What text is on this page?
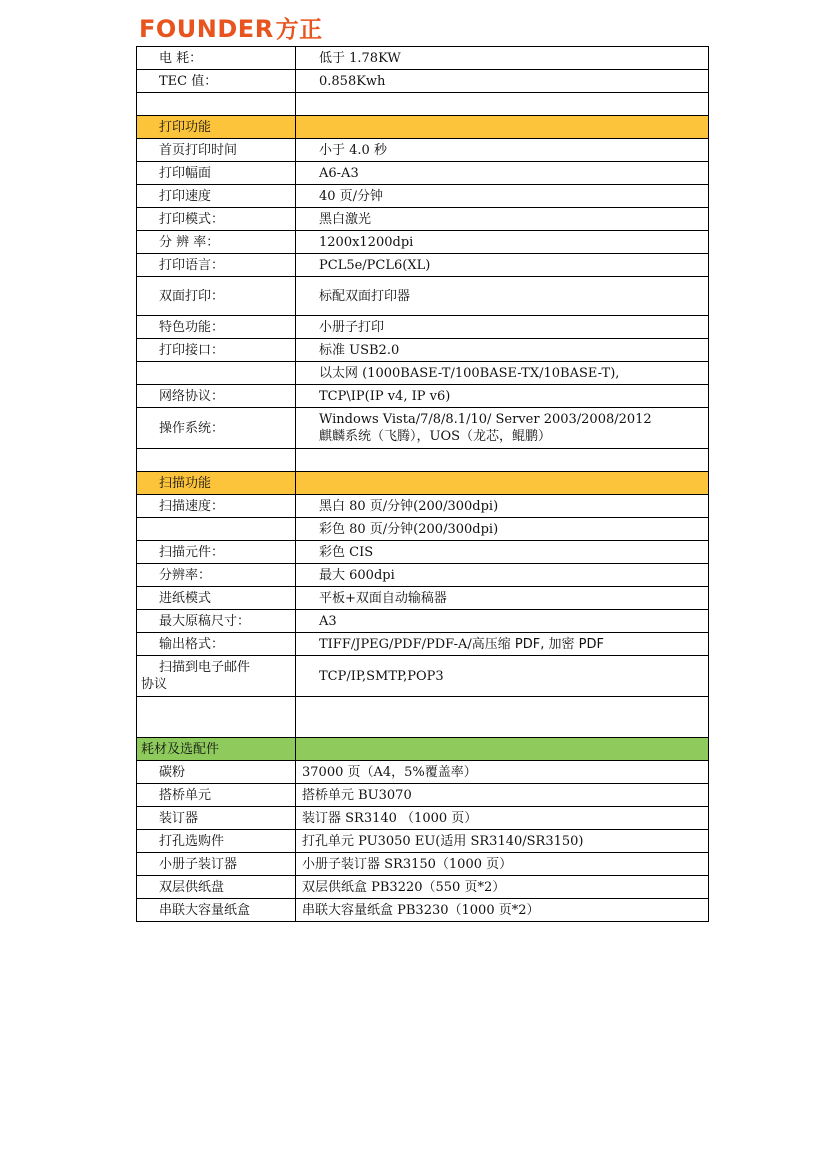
FOUNDER 方正
电 耗：	低于 1.78KW
TEC 值：	0.858Kwh

打印功能	
首页打印时间	小于 4.0 秒
打印幅面	A6-A3
打印速度	40 页/分钟
打印模式：	黑白激光
分 辨 率：	1200x1200dpi
打印语言：	PCL5e/PCL6(XL)
双面打印：	标配双面打印器
特色功能：	小册子打印
打印接口：	标准 USB2.0
	以太网 (1000BASE-T/100BASE-TX/10BASE-T),
网络协议：	TCP\IP(IP v4, IP v6)
操作系统：	Windows Vista/7/8/8.1/10/ Server 2003/2008/2012
麒麟系统（飞腾），UOS（龙芯，鲲鹏）

扫描功能	
扫描速度：	黑白 80 页/分钟(200/300dpi)
	彩色 80 页/分钟(200/300dpi)
扫描元件：	彩色 CIS
分辨率：	最大 600dpi
进纸模式	平板+双面自动输稿器
最大原稿尺寸：	A3
输出格式：	TIFF/JPEG/PDF/PDF-A/高压缩 PDF, 加密 PDF

扫描到电子邮件
协议	TCP/IP,SMTP,POP3

耗材及选配件	
碳粉	37000 页（A4，5%覆盖率）
搭桥单元	搭桥单元 BU3070
装订器	装订器 SR3140 （1000 页）
打孔选购件	打孔单元 PU3050 EU(适用 SR3140/SR3150)
小册子装订器	小册子装订器 SR3150（1000 页）
双层供纸盘	双层供纸盒 PB3220（550 页*2）
串联大容量纸盒	串联大容量纸盒 PB3230（1000 页*2）
